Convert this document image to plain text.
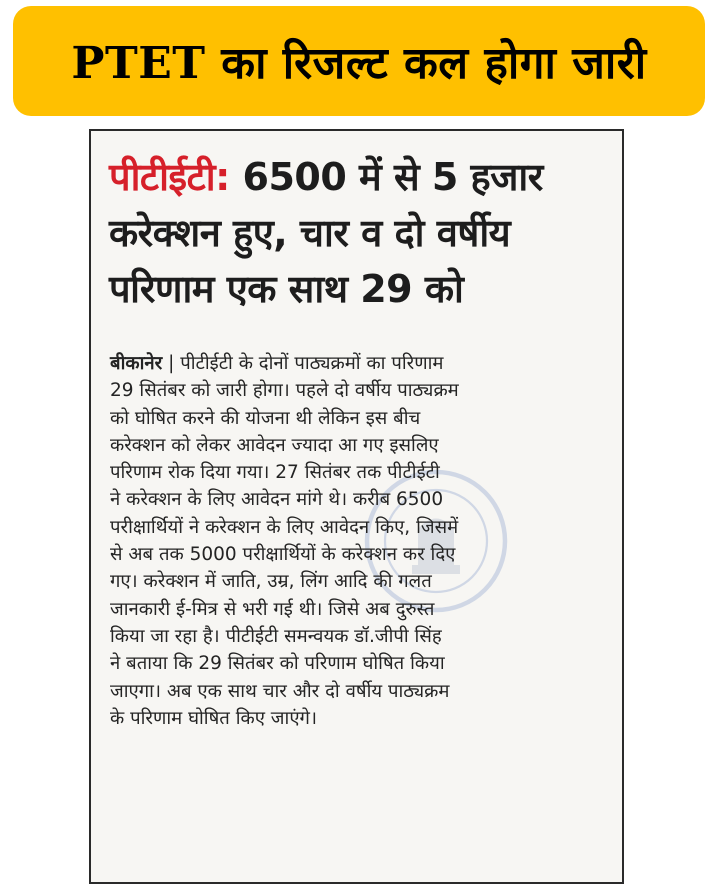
PTET का रिजल्ट कल होगा जारी
पीटीईटी: 6500 में से 5 हजार
करेक्शन हुए, चार व दो वर्षीय
परिणाम एक साथ 29 को
बीकानेर | पीटीईटी के दोनों पाठ्यक्रमों का परिणाम
29 सितंबर को जारी होगा। पहले दो वर्षीय पाठ्यक्रम
को घोषित करने की योजना थी लेकिन इस बीच
करेक्शन को लेकर आवेदन ज्यादा आ गए इसलिए
परिणाम रोक दिया गया। 27 सितंबर तक पीटीईटी
ने करेक्शन के लिए आवेदन मांगे थे। करीब 6500
परीक्षार्थियों ने करेक्शन के लिए आवेदन किए, जिसमें
से अब तक 5000 परीक्षार्थियों के करेक्शन कर दिए
गए। करेक्शन में जाति, उम्र, लिंग आदि की गलत
जानकारी ई-मित्र से भरी गई थी। जिसे अब दुरुस्त
किया जा रहा है। पीटीईटी समन्वयक डॉ.जीपी सिंह
ने बताया कि 29 सितंबर को परिणाम घोषित किया
जाएगा। अब एक साथ चार और दो वर्षीय पाठ्यक्रम
के परिणाम घोषित किए जाएंगे।
